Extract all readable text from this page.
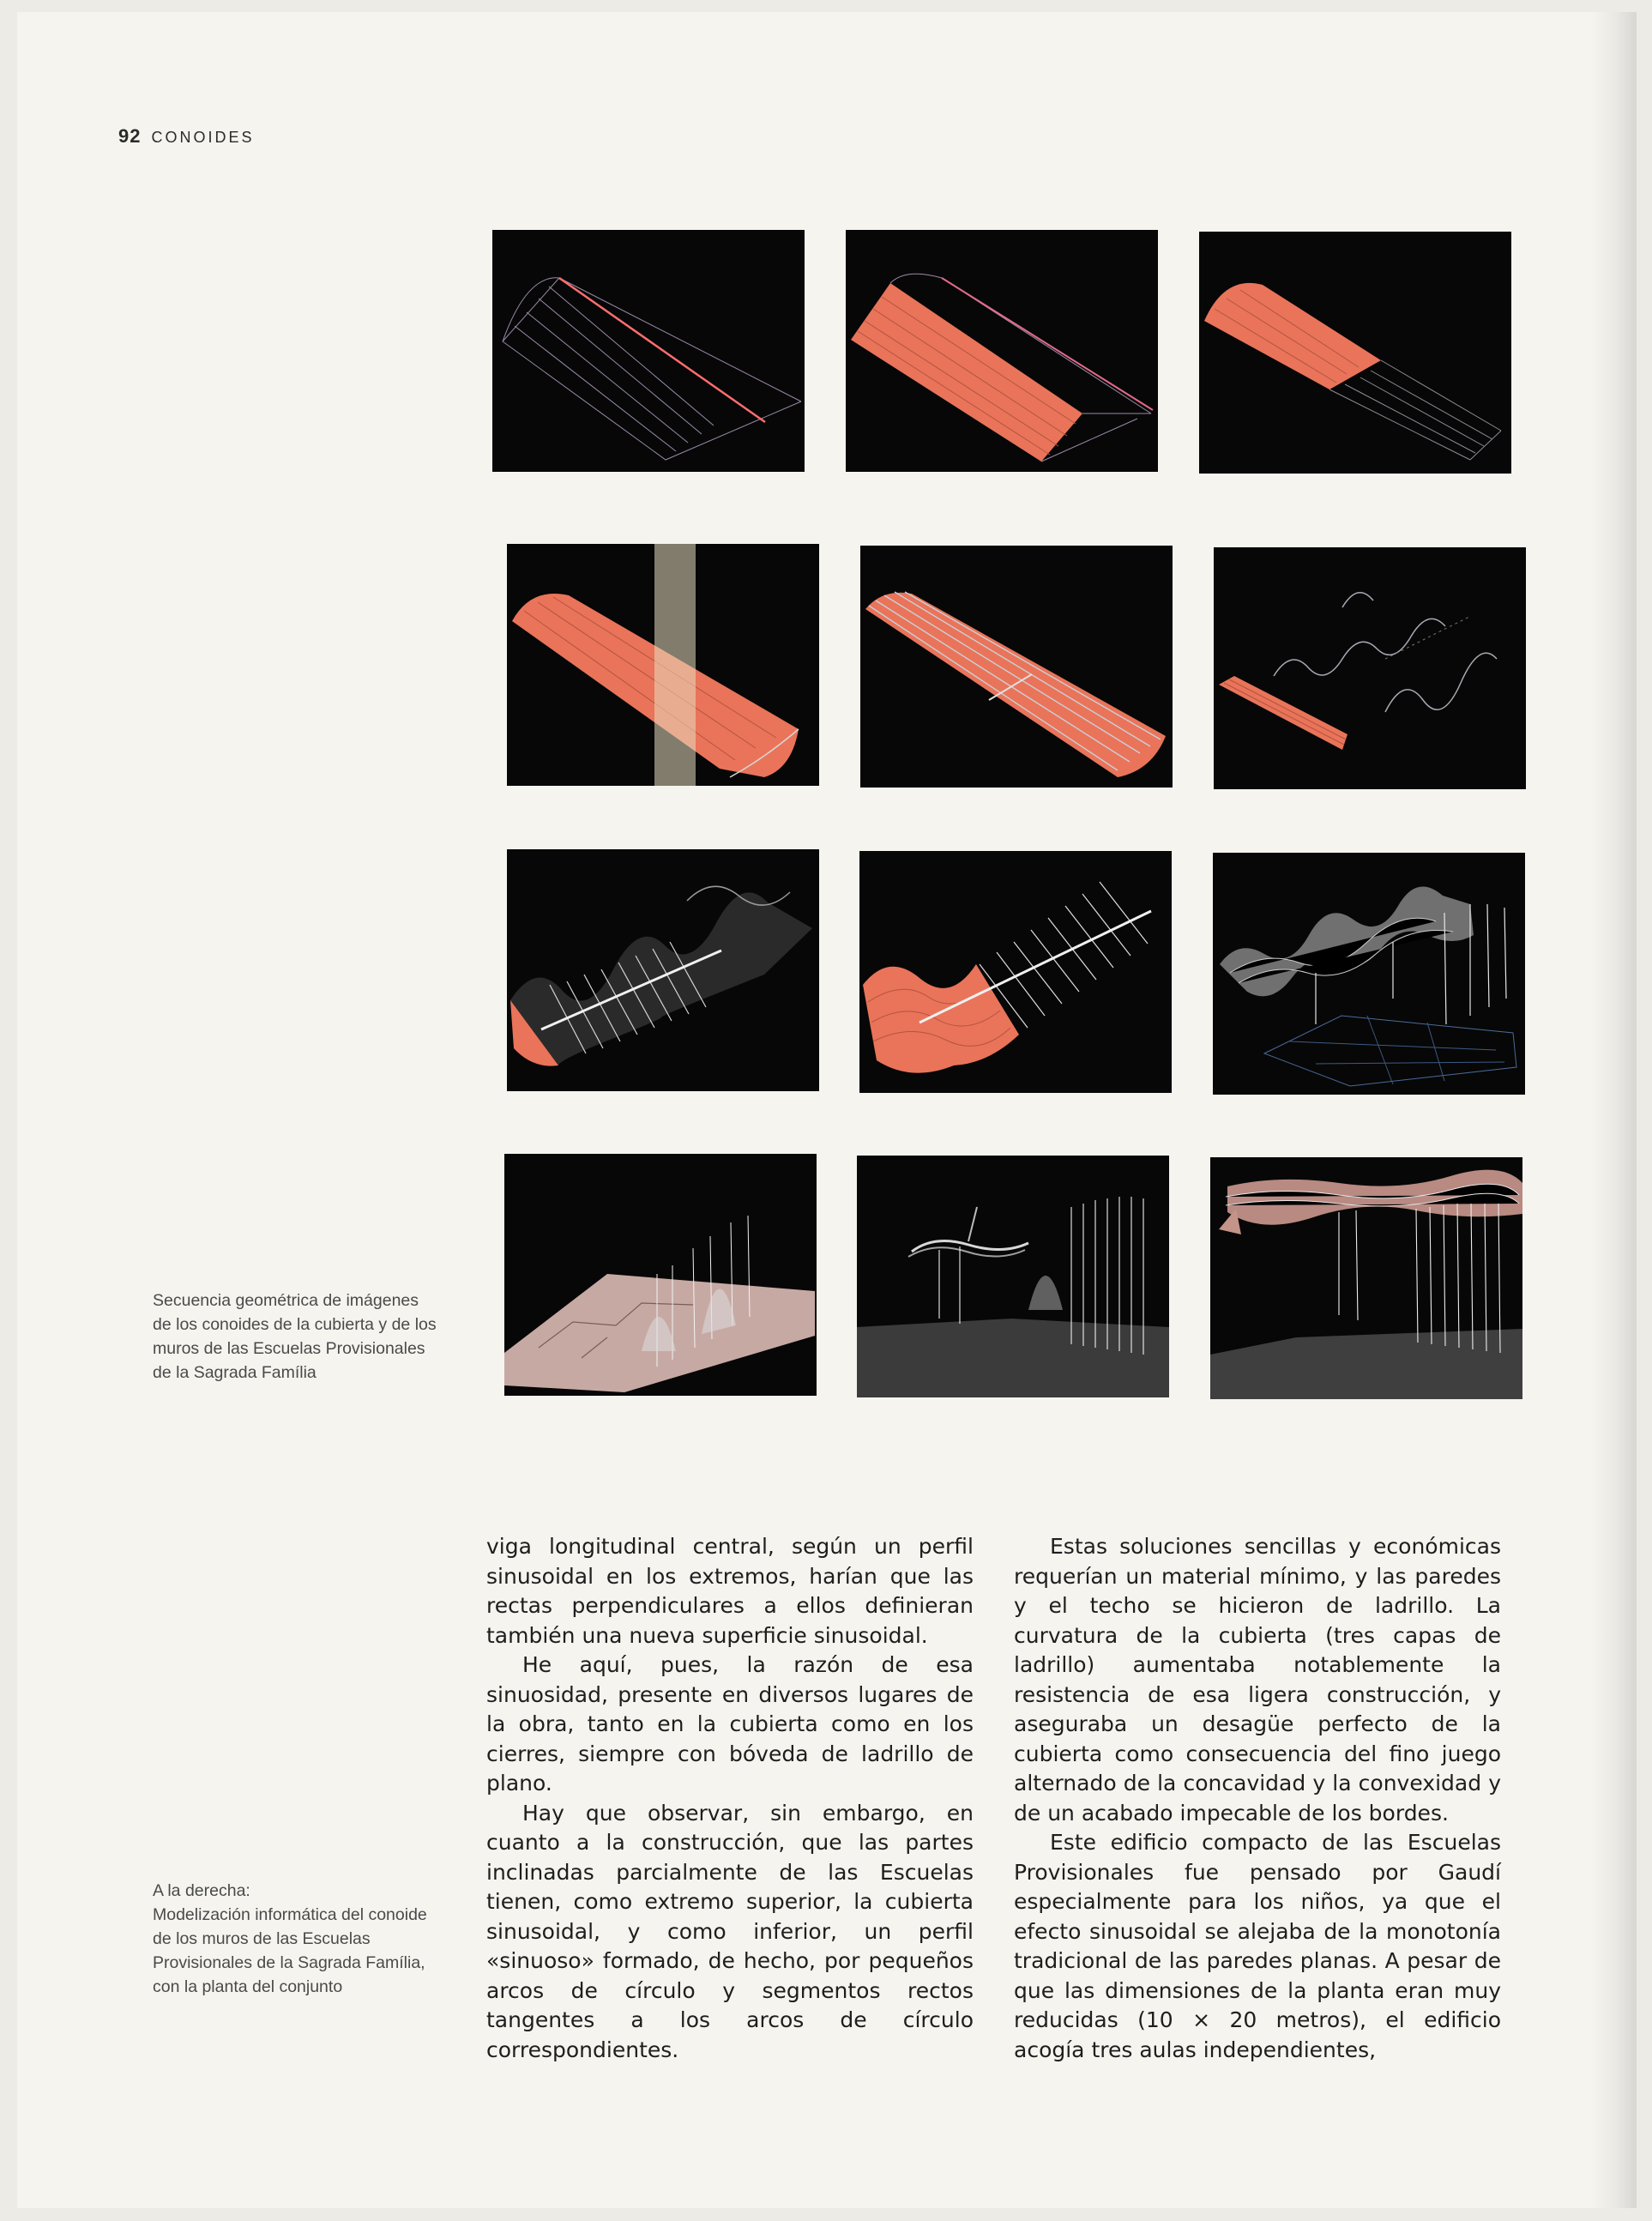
92 CONOIDES

Secuencia geométrica de imágenes

de los conoides de la cubierta y de los

muros de las Escuelas Provisionales

de la Sagrada Família

A la derecha:

Modelización informática del conoide

de los muros de las Escuelas

Provisionales de la Sagrada Família,

con la planta del conjunto

viga longitudinal central, según un perfil sinusoidal en los extremos, harían que las rectas perpendiculares a ellos definieran también una nueva superficie sinusoidal.

He aquí, pues, la razón de esa sinuosidad, presente en diversos lugares de la obra, tanto en la cubierta como en los cierres, siempre con bóveda de ladrillo de plano.

Hay que observar, sin embargo, en cuanto a la construcción, que las partes inclinadas parcialmente de las Escuelas tienen, como extremo superior, la cubierta sinusoidal, y como inferior, un perfil «sinuoso» formado, de hecho, por pequeños arcos de círculo y segmentos rectos tangentes a los arcos de círculo correspondientes.

Estas soluciones sencillas y económicas requerían un material mínimo, y las paredes y el techo se hicieron de ladrillo. La curvatura de la cubierta (tres capas de ladrillo) aumentaba notablemente la resistencia de esa ligera construcción, y aseguraba un desagüe perfecto de la cubierta como consecuencia del fino juego alternado de la concavidad y la convexidad y de un acabado impecable de los bordes.

Este edificio compacto de las Escuelas Provisionales fue pensado por Gaudí especialmente para los niños, ya que el efecto sinusoidal se alejaba de la monotonía tradicional de las paredes planas. A pesar de que las dimensiones de la planta eran muy reducidas (10 × 20 metros), el edificio acogía tres aulas independientes,
